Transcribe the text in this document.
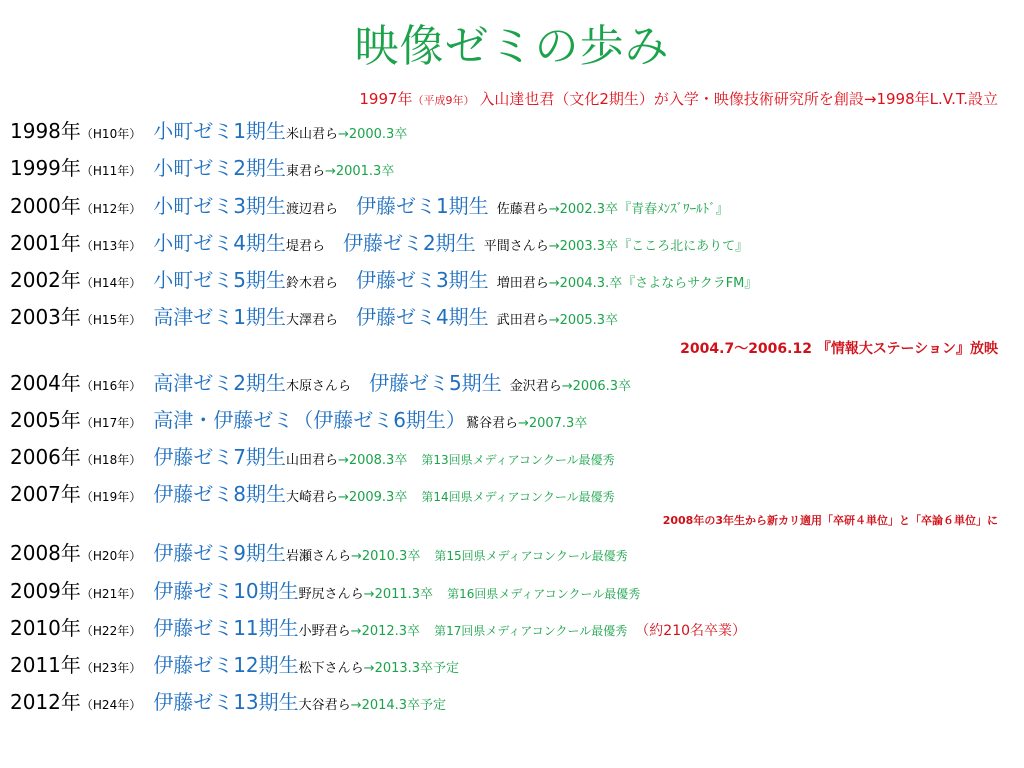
映像ゼミの歩み
1997年（平成9年） 入山達也君（文化2期生）が入学・映像技術研究所を創設→1998年L.V.T.設立
2004.7〜2006.12 『情報大ステーション』放映
2008年の3年生から新カリ適用「卒研４単位」と「卒論６単位」に
1998年 （H10年） 小町ゼミ1期生 米山君ら →2000.3卒
1999年 （H11年） 小町ゼミ2期生 東君ら →2001.3卒
2000年 （H12年） 小町ゼミ3期生 渡辺君ら 伊藤ゼミ1期生 佐藤君ら →2002.3卒『青春ﾒﾝｽﾞﾜｰﾙﾄﾞ』
2001年 （H13年） 小町ゼミ4期生 堤君ら 伊藤ゼミ2期生 平間さんら →2003.3卒『こころ北にありて』
2002年 （H14年） 小町ゼミ5期生 鈴木君ら 伊藤ゼミ3期生 増田君ら →2004.3.卒『さよならサクラFM』
2003年 （H15年） 高津ゼミ1期生 大澤君ら 伊藤ゼミ4期生 武田君ら →2005.3卒
2004年 （H16年） 高津ゼミ2期生 木原さんら 伊藤ゼミ5期生 金沢君ら →2006.3卒
2005年 （H17年） 高津・伊藤ゼミ（伊藤ゼミ6期生） 鷲谷君ら →2007.3卒
2006年 （H18年） 伊藤ゼミ7期生 山田君ら →2008.3卒 第13回県メディアコンクール最優秀
2007年 （H19年） 伊藤ゼミ8期生 大崎君ら →2009.3卒 第14回県メディアコンクール最優秀
2008年 （H20年） 伊藤ゼミ9期生 岩瀬さんら →2010.3卒 第15回県メディアコンクール最優秀
2009年 （H21年） 伊藤ゼミ10期生 野尻さんら →2011.3卒 第16回県メディアコンクール最優秀
2010年 （H22年） 伊藤ゼミ11期生 小野君ら →2012.3卒 第17回県メディアコンクール最優秀 （約210名卒業）
2011年 （H23年） 伊藤ゼミ12期生 松下さんら →2013.3卒予定
2012年 （H24年） 伊藤ゼミ13期生 大谷君ら →2014.3卒予定
